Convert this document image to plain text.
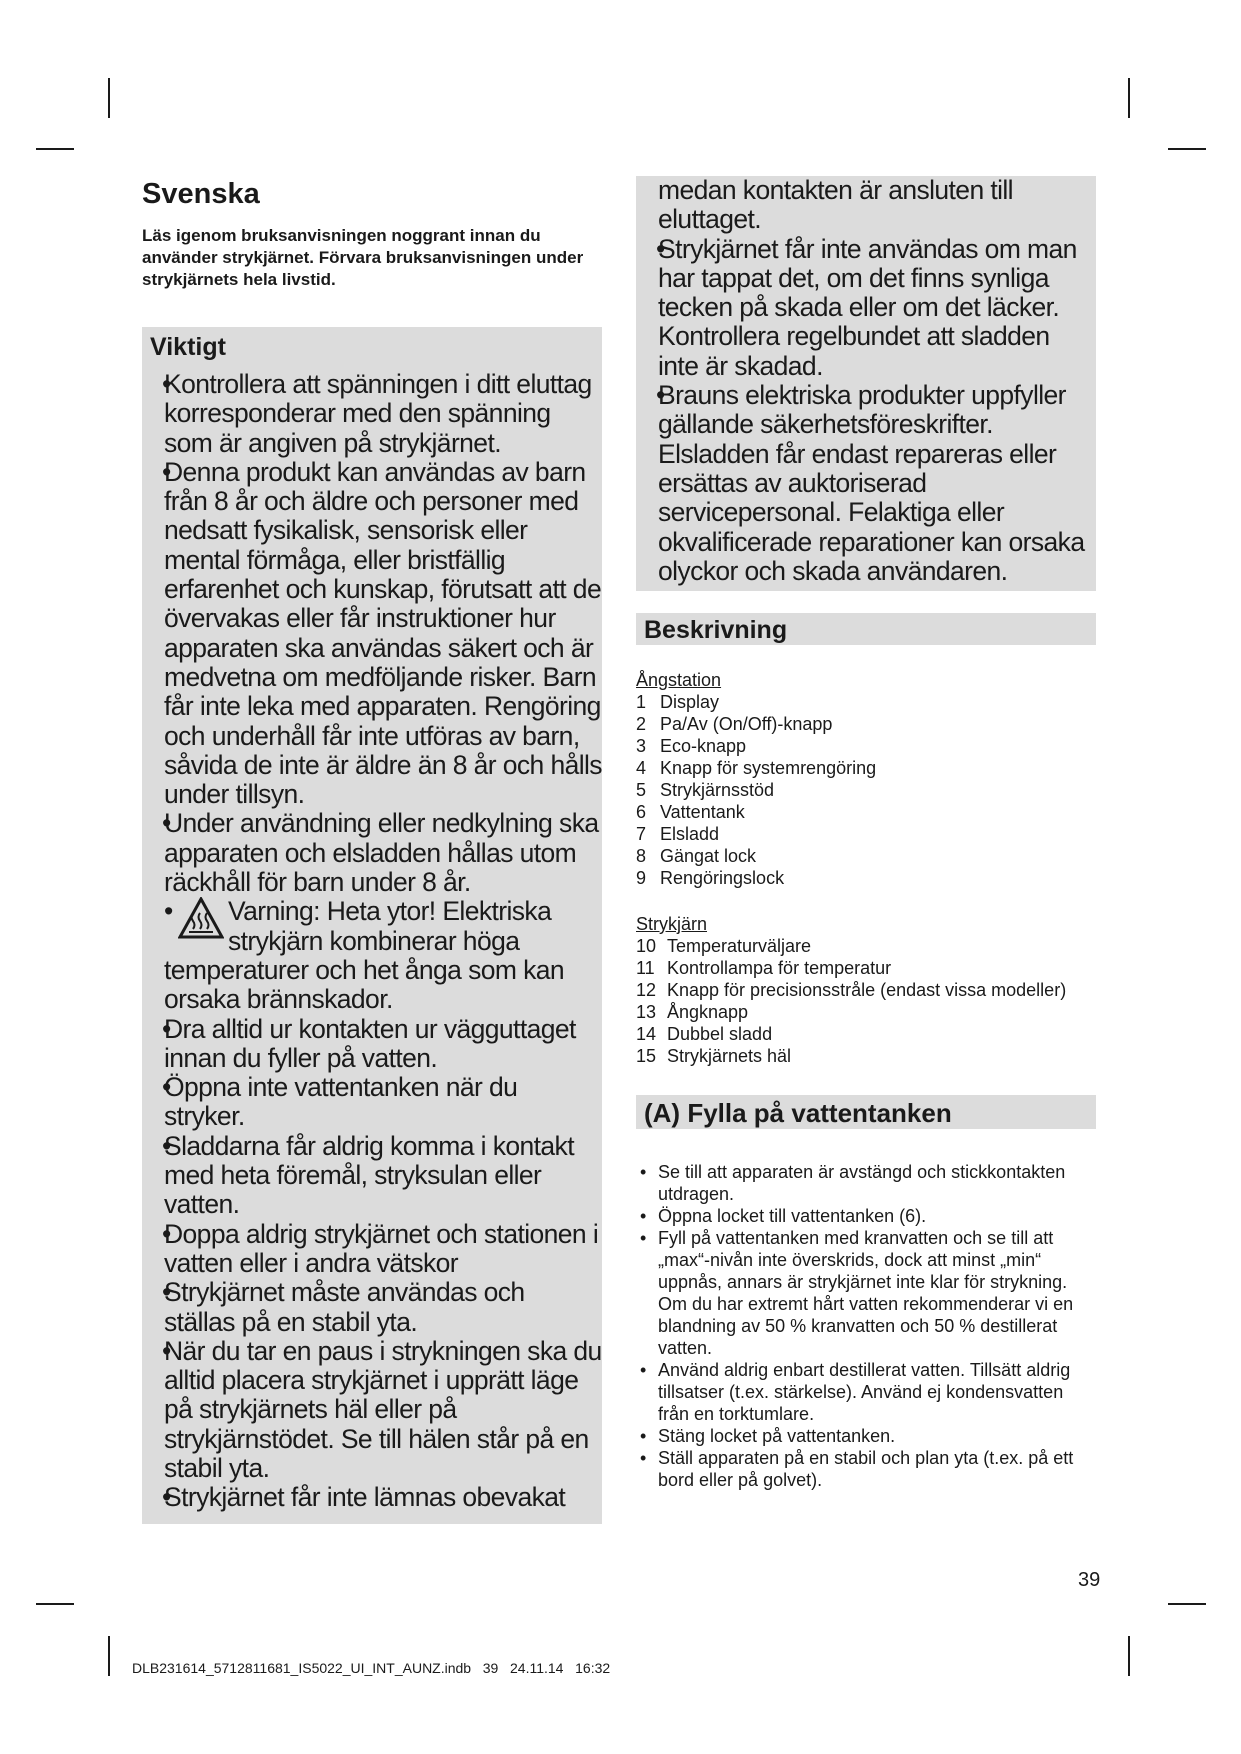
Svenska

Läs igenom bruksanvisningen noggrant innan du använder strykjärnet. Förvara bruksanvisningen under strykjärnets hela livstid.

Viktigt
• Kontrollera att spänningen i ditt eluttag korresponderar med den spänning som är angiven på strykjärnet.
• Denna produkt kan användas av barn från 8 år och äldre och personer med nedsatt fysikalisk, sensorisk eller mental förmåga, eller bristfällig erfarenhet och kunskap, förutsatt att de övervakas eller får instruktioner hur apparaten ska användas säkert och är medvetna om medföljande risker. Barn får inte leka med apparaten. Rengöring och underhåll får inte utföras av barn, såvida de inte är äldre än 8 år och hålls under tillsyn.
• Under användning eller nedkylning ska apparaten och elsladden hållas utom räckhåll för barn under 8 år.
• Varning: Heta ytor! Elektriska strykjärn kombinerar höga temperaturer och het ånga som kan orsaka brännskador.
• Dra alltid ur kontakten ur vägguttaget innan du fyller på vatten.
• Öppna inte vattentanken när du stryker.
• Sladdarna får aldrig komma i kontakt med heta föremål, stryksulan eller vatten.
• Doppa aldrig strykjärnet och stationen i vatten eller i andra vätskor
• Strykjärnet måste användas och ställas på en stabil yta.
• När du tar en paus i strykningen ska du alltid placera strykjärnet i upprätt läge på strykjärnets häl eller på strykjärnstödet. Se till hälen står på en stabil yta.
• Strykjärnet får inte lämnas obevakat

medan kontakten är ansluten till eluttaget.

• Strykjärnet får inte användas om man har tappat det, om det finns synliga tecken på skada eller om det läcker. Kontrollera regelbundet att sladden inte är skadad.
• Brauns elektriska produkter uppfyller gällande säkerhetsföreskrifter. Elsladden får endast repareras eller ersättas av auktoriserad servicepersonal. Felaktiga eller okvalificerade reparationer kan orsaka olyckor och skada användaren.
Beskrivning

Ångstation

1 Display
2 Pa/Av (On/Off)-knapp
3 Eco-knapp
4 Knapp för systemrengöring
5 Strykjärnsstöd
6 Vattentank
7 Elsladd
8 Gängat lock
9 Rengöringslock

Strykjärn

10 Temperaturväljare
11 Kontrollampa för temperatur
12 Knapp för precisionsstråle (endast vissa modeller)
13 Ångknapp
14 Dubbel sladd
15 Strykjärnets häl
(A) Fylla på vattentanken
• Se till att apparaten är avstängd och stickkontakten utdragen.
• Öppna locket till vattentanken (6).
• Fyll på vattentanken med kranvatten och se till att „max“-nivån inte överskrids, dock att minst „min“ uppnås, annars är strykjärnet inte klar för strykning. Om du har extremt hårt vatten rekommenderar vi en blandning av 50 % kranvatten och 50 % destillerat vatten.
• Använd aldrig enbart destillerat vatten. Tillsätt aldrig tillsatser (t.ex. stärkelse). Använd ej kondensvatten från en torktumlare.
• Stäng locket på vattentanken.
• Ställ apparaten på en stabil och plan yta (t.ex. på ett bord eller på golvet).
39
DLB231614_5712811681_IS5022_UI_INT_AUNZ.indb   39   24.11.14   16:32
